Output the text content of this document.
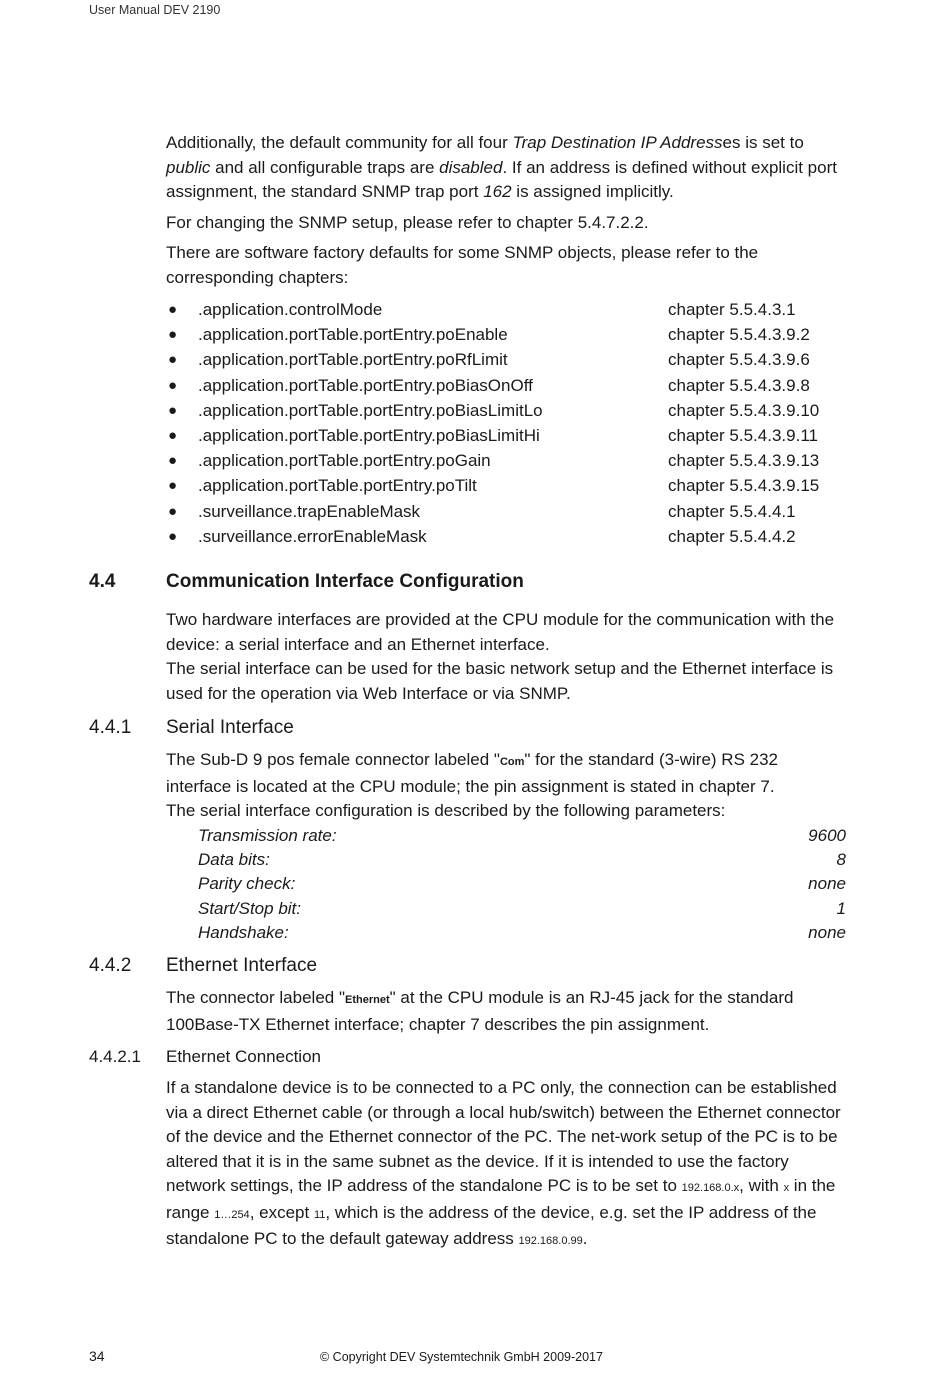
User Manual DEV 2190

Additionally, the default community for all four Trap Destination IP Addresses is set to public and all configurable traps are disabled. If an address is defined without explicit port assignment, the standard SNMP trap port 162 is assigned implicitly.

For changing the SNMP setup, please refer to chapter 5.4.7.2.2.

There are software factory defaults for some SNMP objects, please refer to the corresponding chapters:

● .application.controlMode	chapter 5.5.4.3.1
● .application.portTable.portEntry.poEnable	chapter 5.5.4.3.9.2
● .application.portTable.portEntry.poRfLimit	chapter 5.5.4.3.9.6
● .application.portTable.portEntry.poBiasOnOff	chapter 5.5.4.3.9.8
● .application.portTable.portEntry.poBiasLimitLo	chapter 5.5.4.3.9.10
● .application.portTable.portEntry.poBiasLimitHi	chapter 5.5.4.3.9.11
● .application.portTable.portEntry.poGain	chapter 5.5.4.3.9.13
● .application.portTable.portEntry.poTilt	chapter 5.5.4.3.9.15
● .surveillance.trapEnableMask	chapter 5.5.4.4.1
● .surveillance.errorEnableMask	chapter 5.5.4.4.2
4.4	Communication Interface Configuration

Two hardware interfaces are provided at the CPU module for the communication with the device: a serial interface and an Ethernet interface.

The serial interface can be used for the basic network setup and the Ethernet interface is used for the operation via Web Interface or via SNMP.

4.4.1 Serial Interface

The Sub-D 9 pos female connector labeled "Com" for the standard (3-wire) RS 232 interface is located at the CPU module; the pin assignment is stated in chapter 7.

The serial interface configuration is described by the following parameters:

Transmission rate:	9600
Data bits:	8
Parity check:	none
Start/Stop bit:	1
Handshake:	none
4.4.2 Ethernet Interface

The connector labeled "Ethernet" at the CPU module is an RJ-45 jack for the standard 100Base-TX Ethernet interface; chapter 7 describes the pin assignment.

4.4.2.1 Ethernet Connection

If a standalone device is to be connected to a PC only, the connection can be established via a direct Ethernet cable (or through a local hub/switch) between the Ethernet connector of the device and the Ethernet connector of the PC. The net-work setup of the PC is to be altered that it is in the same subnet as the device. If it is intended to use the factory network settings, the IP address of the standalone PC is to be set to 192.168.0.x, with x in the range 1…254, except 11, which is the address of the device, e.g. set the IP address of the standalone PC to the default gateway address 192.168.0.99.

34	© Copyright DEV Systemtechnik GmbH 2009-2017
